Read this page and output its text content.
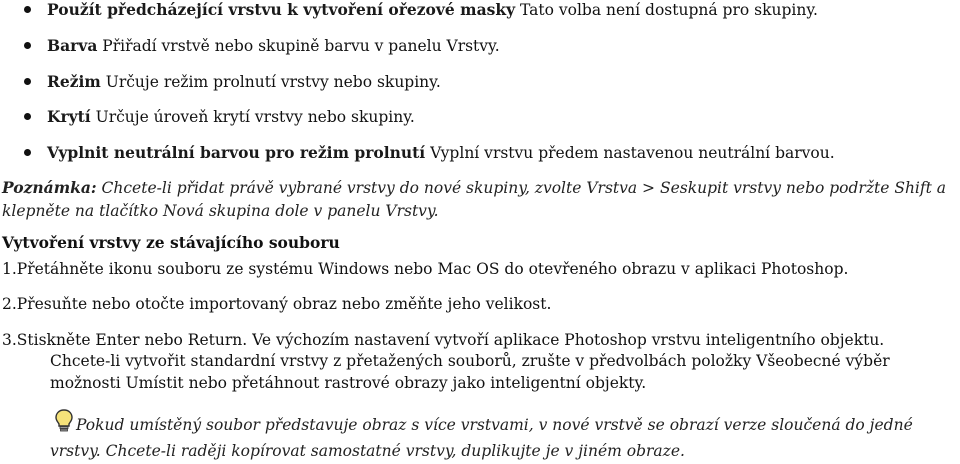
Použít předcházející vrstvu k vytvoření ořezové masky Tato volba není dostupná pro skupiny.
Barva Přiřadí vrstvě nebo skupině barvu v panelu Vrstvy.
Režim Určuje režim prolnutí vrstvy nebo skupiny.
Krytí Určuje úroveň krytí vrstvy nebo skupiny.
Vyplnit neutrální barvou pro režim prolnutí Vyplní vrstvu předem nastavenou neutrální barvou.
Poznámka: Chcete-li přidat právě vybrané vrstvy do nové skupiny, zvolte Vrstva > Seskupit vrstvy nebo podržte Shift a klepněte na tlačítko Nová skupina dole v panelu Vrstvy.
Vytvoření vrstvy ze stávajícího souboru
1.Přetáhněte ikonu souboru ze systému Windows nebo Mac OS do otevřeného obrazu v aplikaci Photoshop.
2.Přesuňte nebo otočte importovaný obraz nebo změňte jeho velikost.
3.Stiskněte Enter nebo Return. Ve výchozím nastavení vytvoří aplikace Photoshop vrstvu inteligentního objektu.
Chcete-li vytvořit standardní vrstvy z přetažených souborů, zrušte v předvolbách položky Všeobecné výběr možnosti Umístit nebo přetáhnout rastrové obrazy jako inteligentní objekty.
Pokud umístěný soubor představuje obraz s více vrstvami, v nové vrstvě se obrazí verze sloučená do jedné vrstvy. Chcete-li raději kopírovat samostatné vrstvy, duplikujte je v jiném obraze.
